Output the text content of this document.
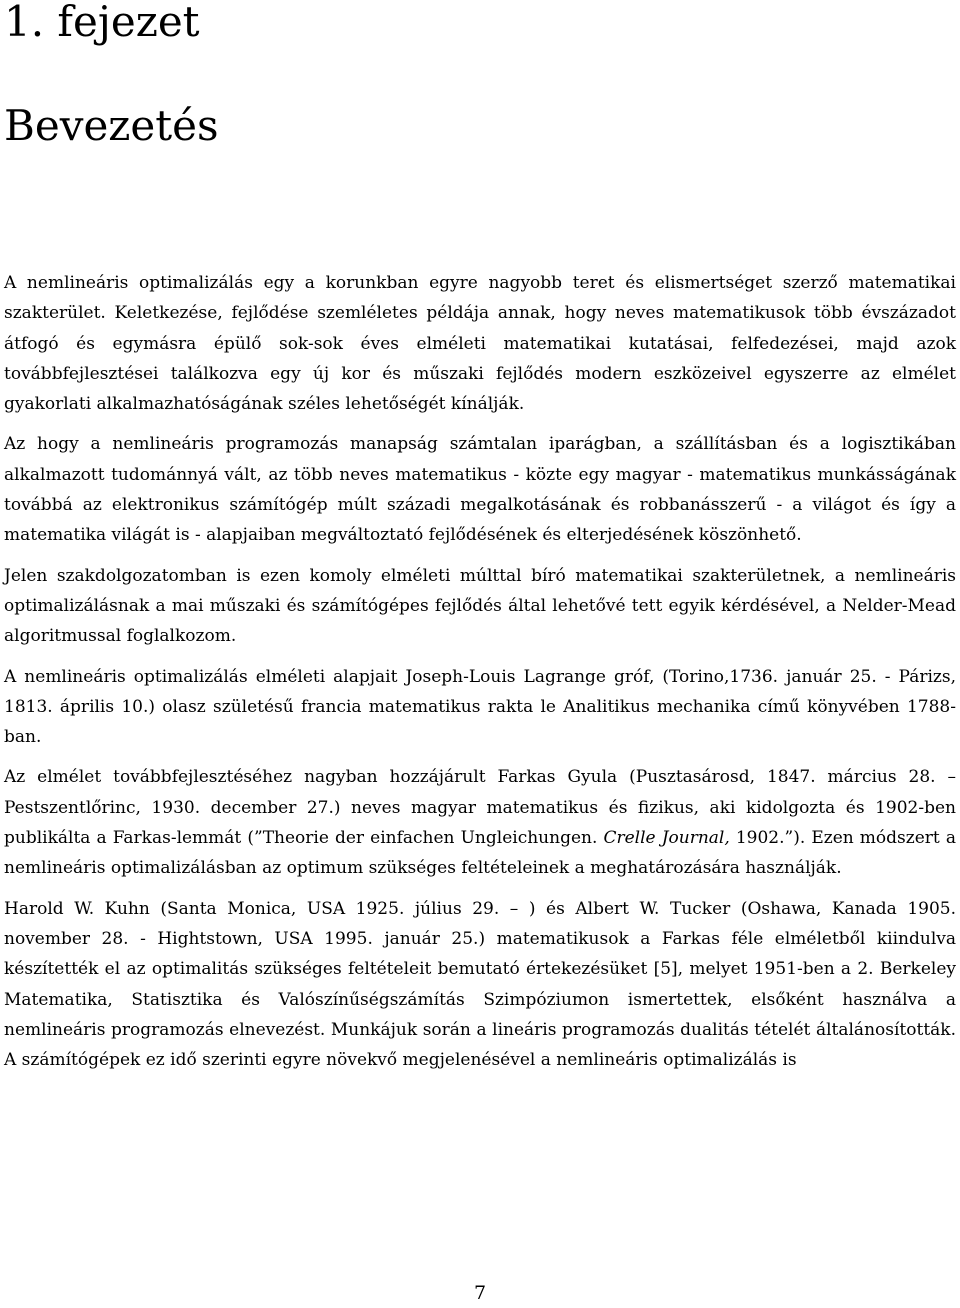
1. fejezet
Bevezetés

A nemlineáris optimalizálás egy a korunkban egyre nagyobb teret és elismertséget szerző matematikai szakterület. Keletkezése, fejlődése szemléletes példája annak, hogy neves matematikusok több évszázadot átfogó és egymásra épülő sok-sok éves elméleti matematikai kutatásai, felfedezései, majd azok továbbfejlesztései találkozva egy új kor és műszaki fejlődés modern eszközeivel egyszerre az elmélet gyakorlati alkalmazhatóságának széles lehetőségét kínálják.

Az hogy a nemlineáris programozás manapság számtalan iparágban, a szállításban és a logisztikában alkalmazott tudománnyá vált, az több neves matematikus - közte egy magyar - matematikus munkásságának továbbá az elektronikus számítógép múlt századi megalkotásának és robbanásszerű - a világot és így a matematika világát is - alapjaiban megváltoztató fejlődésének és elterjedésének köszönhető.

Jelen szakdolgozatomban is ezen komoly elméleti múlttal bíró matematikai szakterületnek, a nemlineáris optimalizálásnak a mai műszaki és számítógépes fejlődés által lehetővé tett egyik kérdésével, a Nelder-Mead algoritmussal foglalkozom.

A nemlineáris optimalizálás elméleti alapjait Joseph-Louis Lagrange gróf, (Torino,1736. január 25. - Párizs, 1813. április 10.) olasz születésű francia matematikus rakta le Analitikus mechanika című könyvében 1788-ban.

Az elmélet továbbfejlesztéséhez nagyban hozzájárult Farkas Gyula (Pusztasárosd, 1847. március 28. – Pestszentlőrinc, 1930. december 27.) neves magyar matematikus és fizikus, aki kidolgozta és 1902-ben publikálta a Farkas-lemmát (”Theorie der einfachen Ungleichungen. Crelle Journal, 1902.”). Ezen módszert a nemlineáris optimalizálásban az optimum szükséges feltételeinek a meghatározására használják.

Harold W. Kuhn (Santa Monica, USA 1925. július 29. – ) és Albert W. Tucker (Oshawa, Kanada 1905. november 28. - Hightstown, USA 1995. január 25.) matematikusok a Farkas féle elméletből kiindulva készítették el az optimalitás szükséges feltételeit bemutató értekezésüket [5], melyet 1951-ben a 2. Berkeley Matematika, Statisztika és Valószínűségszámítás Szimpóziumon ismertettek, elsőként használva a nemlineáris programozás elnevezést. Munkájuk során a lineáris programozás dualitás tételét általánosították. A számítógépek ez idő szerinti egyre növekvő megjelenésével a nemlineáris optimalizálás is

7
